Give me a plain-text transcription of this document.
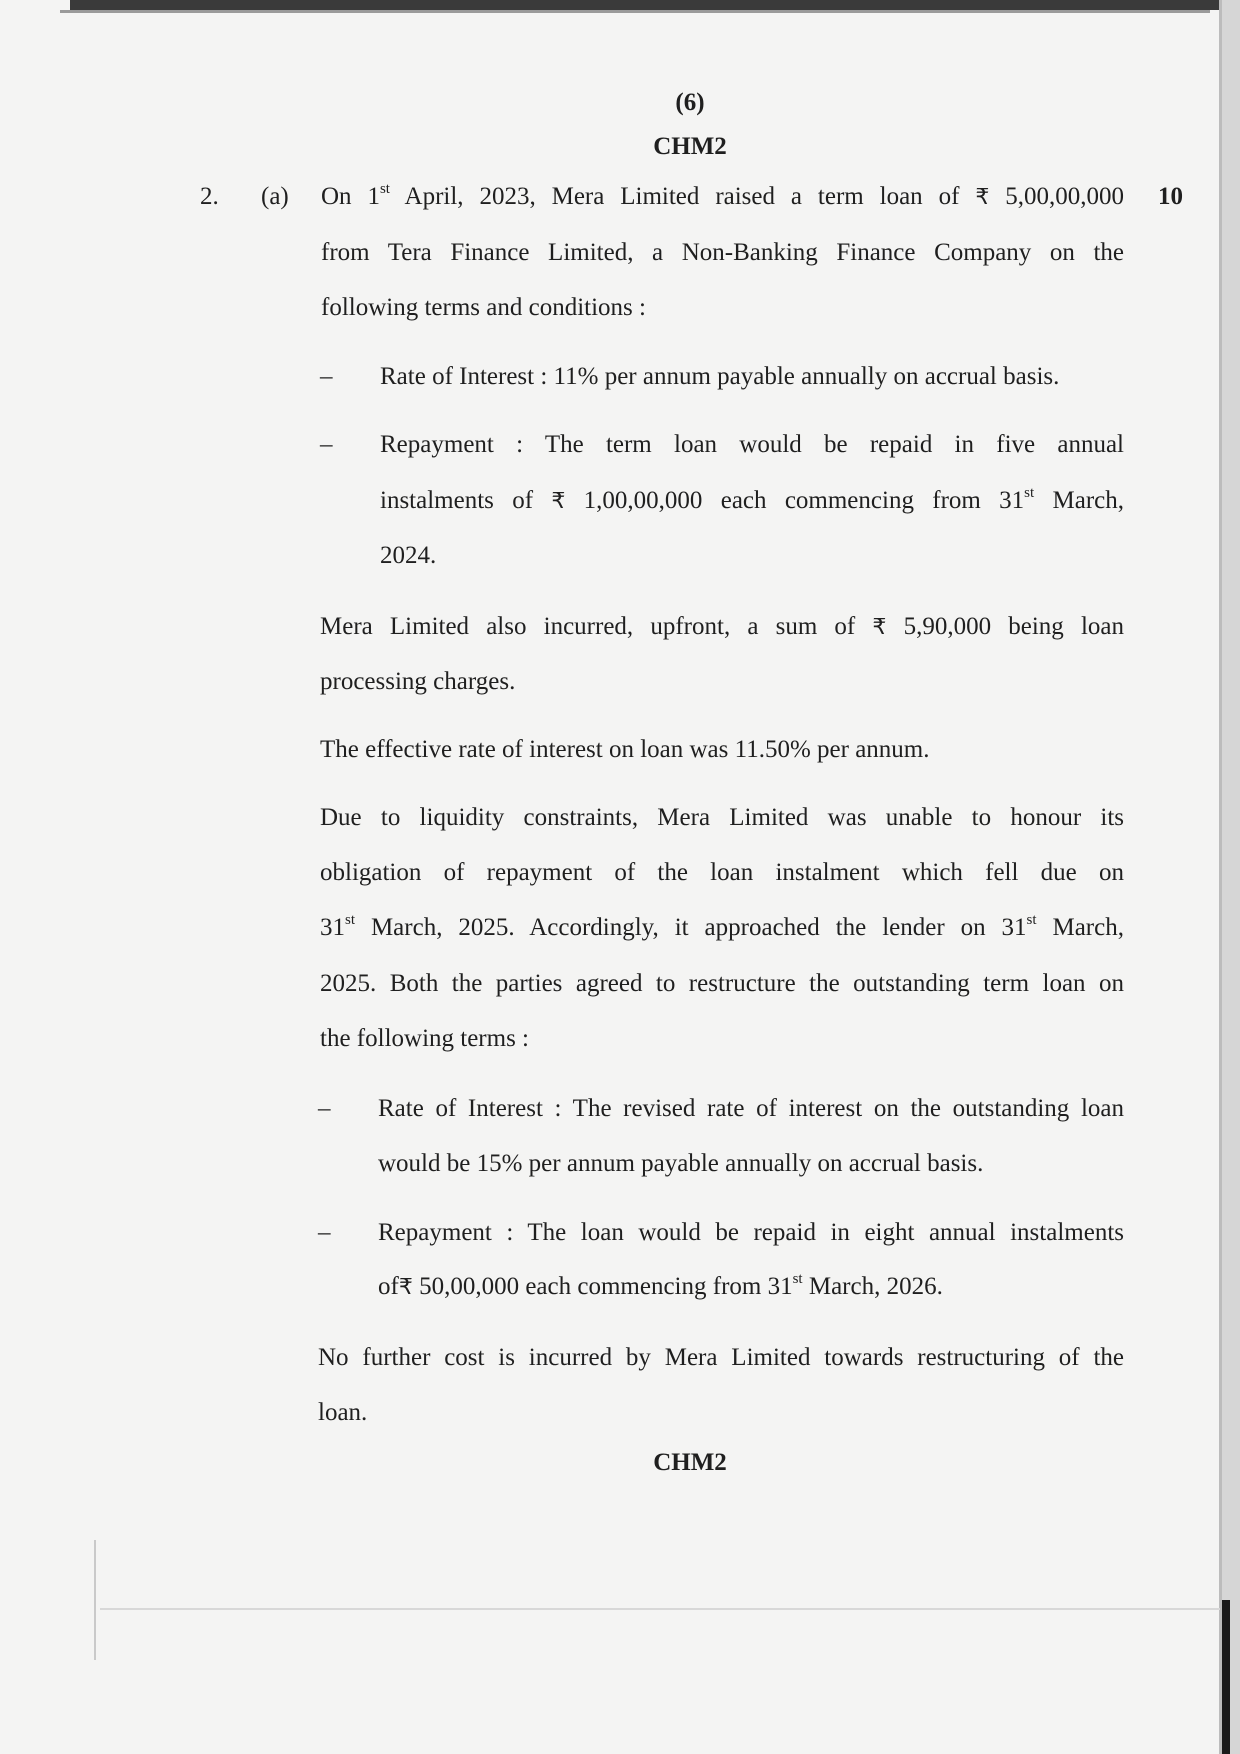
(6)
CHM2
2. (a)	10
On 1st April, 2023, Mera Limited raised a term loan of ₹ 5,00,00,000
from Tera Finance Limited, a Non-Banking Finance Company on the
following terms and conditions :
– Rate of Interest : 11% per annum payable annually on accrual basis.
– Repayment : The term loan would be repaid in five annual
instalments of ₹ 1,00,00,000 each commencing from 31st March,
2024.
Mera Limited also incurred, upfront, a sum of ₹ 5,90,000 being loan
processing charges.
The effective rate of interest on loan was 11.50% per annum.
Due to liquidity constraints, Mera Limited was unable to honour its
obligation of repayment of the loan instalment which fell due on
31st March, 2025. Accordingly, it approached the lender on 31st March,
2025. Both the parties agreed to restructure the outstanding term loan on
the following terms :
– Rate of Interest : The revised rate of interest on the outstanding loan
would be 15% per annum payable annually on accrual basis.
– Repayment : The loan would be repaid in eight annual instalments
of₹ 50,00,000 each commencing from 31st March, 2026.
No further cost is incurred by Mera Limited towards restructuring of the
loan.
CHM2
